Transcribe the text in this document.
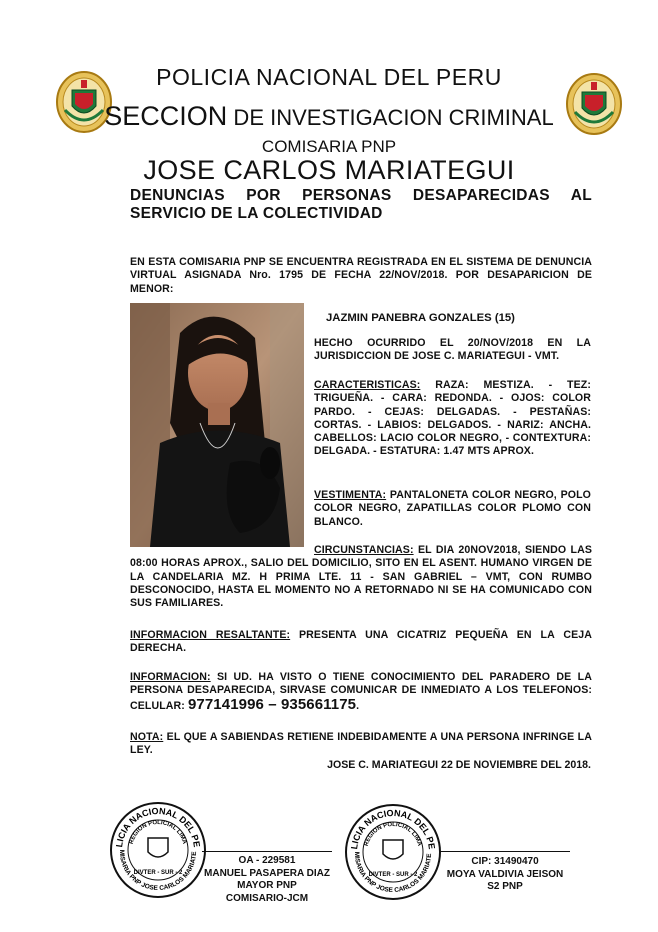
POLICIA NACIONAL DEL PERU
SECCION DE INVESTIGACION CRIMINAL
COMISARIA PNP
JOSE CARLOS MARIATEGUI
DENUNCIAS POR PERSONAS DESAPARECIDAS AL SERVICIO DE LA COLECTIVIDAD
EN ESTA COMISARIA PNP SE ENCUENTRA REGISTRADA EN EL SISTEMA DE DENUNCIA VIRTUAL ASIGNADA Nro. 1795 DE FECHA 22/NOV/2018. POR DESAPARICION DE MENOR:
JAZMIN PANEBRA GONZALES (15)
HECHO OCURRIDO EL 20/NOV/2018 EN LA JURISDICCION DE JOSE C. MARIATEGUI - VMT.
CARACTERISTICAS: RAZA: MESTIZA. - TEZ: TRIGUEÑA. - CARA: REDONDA. - OJOS: COLOR PARDO. - CEJAS: DELGADAS. - PESTAÑAS: CORTAS. - LABIOS: DELGADOS. - NARIZ: ANCHA. CABELLOS: LACIO COLOR NEGRO, - CONTEXTURA: DELGADA. - ESTATURA: 1.47 MTS APROX.
VESTIMENTA: PANTALONETA COLOR NEGRO, POLO COLOR NEGRO, ZAPATILLAS COLOR PLOMO CON BLANCO.
CIRCUNSTANCIAS: EL DIA 20NOV2018, SIENDO LAS 08:00 HORAS APROX., SALIO DEL DOMICILIO, SITO EN EL ASENT. HUMANO VIRGEN DE LA CANDELARIA MZ. H PRIMA LTE. 11 - SAN GABRIEL – VMT, CON RUMBO DESCONOCIDO, HASTA EL MOMENTO NO A RETORNADO NI SE HA COMUNICADO CON SUS FAMILIARES.
INFORMACION RESALTANTE: PRESENTA UNA CICATRIZ PEQUEÑA EN LA CEJA DERECHA.
INFORMACION: SI UD. HA VISTO O TIENE CONOCIMIENTO DEL PARADERO DE LA PERSONA DESAPARECIDA, SIRVASE COMUNICAR DE INMEDIATO A LOS TELEFONOS: CELULAR: 977141996 – 935661175.
NOTA: EL QUE A SABIENDAS RETIENE INDEBIDAMENTE A UNA PERSONA INFRINGE LA LEY.
JOSE C. MARIATEGUI 22 DE NOVIEMBRE DEL 2018.
LICIA NACIONAL DEL PE
REGION POLICIAL LIMA
MISARIA PNP JOSE CARLOS MARIATE
DIVTER - SUR - 2
LICIA NACIONAL DEL PE
REGION POLICIAL LIMA
MISARIA PNP JOSE CARLOS MARIATE
DIVTER - SUR - 2
OA - 229581
MANUEL PASAPERA DIAZ
MAYOR PNP
COMISARIO-JCM
CIP: 31490470
MOYA VALDIVIA JEISON
S2 PNP
